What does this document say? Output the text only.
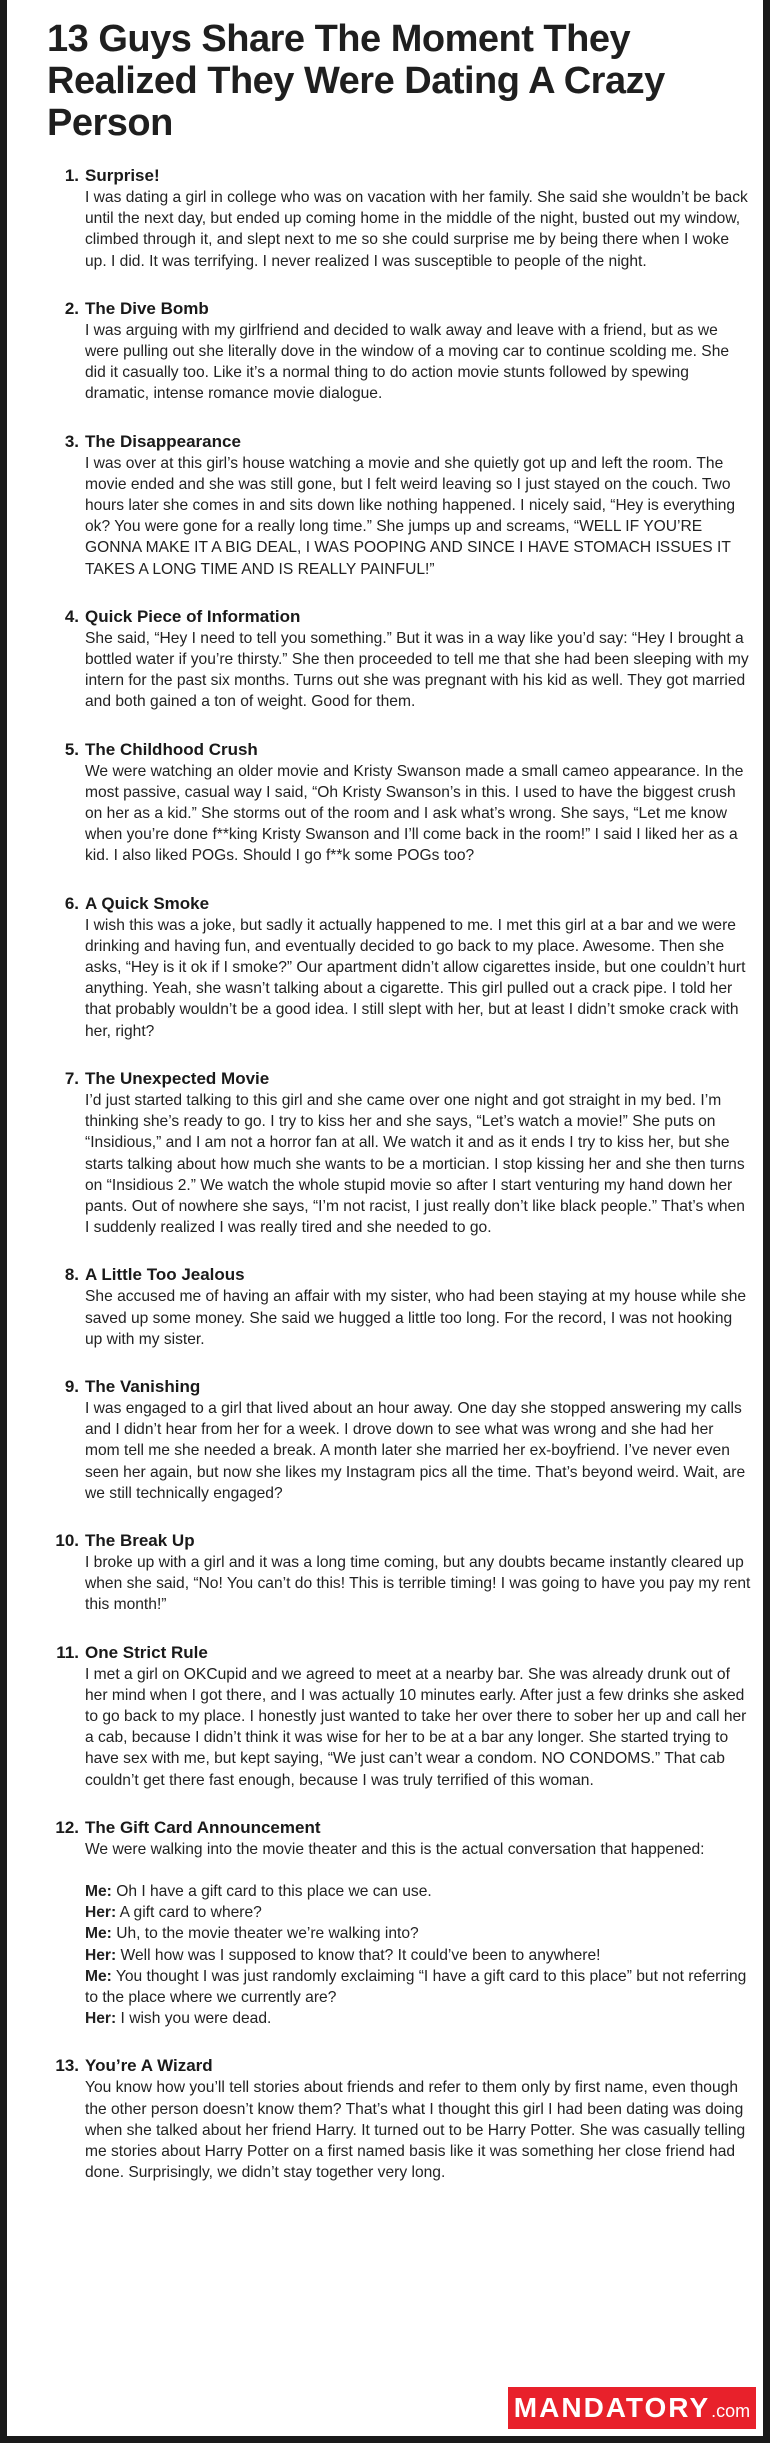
13 Guys Share The Moment They Realized They Were Dating A Crazy Person
1. Surprise!

I was dating a girl in college who was on vacation with her family. She said she wouldn’t be back until the next day, but ended up coming home in the middle of the night, busted out my window, climbed through it, and slept next to me so she could surprise me by being there when I woke up. I did. It was terrifying. I never realized I was susceptible to people of the night.

2. The Dive Bomb

I was arguing with my girlfriend and decided to walk away and leave with a friend, but as we were pulling out she literally dove in the window of a moving car to continue scolding me. She did it casually too. Like it’s a normal thing to do action movie stunts followed by spewing dramatic, intense romance movie dialogue.

3. The Disappearance

I was over at this girl’s house watching a movie and she quietly got up and left the room. The movie ended and she was still gone, but I felt weird leaving so I just stayed on the couch. Two hours later she comes in and sits down like nothing happened. I nicely said, “Hey is everything ok? You were gone for a really long time.” She jumps up and screams, “WELL IF YOU’RE GONNA MAKE IT A BIG DEAL, I WAS POOPING AND SINCE I HAVE STOMACH ISSUES IT TAKES A LONG TIME AND IS REALLY PAINFUL!”

4. Quick Piece of Information

She said, “Hey I need to tell you something.” But it was in a way like you’d say: “Hey I brought a bottled water if you’re thirsty.” She then proceeded to tell me that she had been sleeping with my intern for the past six months. Turns out she was pregnant with his kid as well. They got married and both gained a ton of weight. Good for them.

5. The Childhood Crush

We were watching an older movie and Kristy Swanson made a small cameo appearance. In the most passive, casual way I said, “Oh Kristy Swanson’s in this. I used to have the biggest crush on her as a kid.” She storms out of the room and I ask what’s wrong. She says, “Let me know when you’re done f**king Kristy Swanson and I’ll come back in the room!” I said I liked her as a kid. I also liked POGs. Should I go f**k some POGs too?

6. A Quick Smoke

I wish this was a joke, but sadly it actually happened to me. I met this girl at a bar and we were drinking and having fun, and eventually decided to go back to my place. Awesome. Then she asks, “Hey is it ok if I smoke?” Our apartment didn’t allow cigarettes inside, but one couldn’t hurt anything. Yeah, she wasn’t talking about a cigarette. This girl pulled out a crack pipe. I told her that probably wouldn’t be a good idea. I still slept with her, but at least I didn’t smoke crack with her, right?

7. The Unexpected Movie

I’d just started talking to this girl and she came over one night and got straight in my bed. I’m thinking she’s ready to go. I try to kiss her and she says, “Let’s watch a movie!” She puts on “Insidious,” and I am not a horror fan at all. We watch it and as it ends I try to kiss her, but she starts talking about how much she wants to be a mortician. I stop kissing her and she then turns on “Insidious 2.” We watch the whole stupid movie so after I start venturing my hand down her pants. Out of nowhere she says, “I’m not racist, I just really don’t like black people.” That’s when I suddenly realized I was really tired and she needed to go.

8. A Little Too Jealous

She accused me of having an affair with my sister, who had been staying at my house while she saved up some money. She said we hugged a little too long. For the record, I was not hooking up with my sister.

9. The Vanishing

I was engaged to a girl that lived about an hour away. One day she stopped answering my calls and I didn’t hear from her for a week. I drove down to see what was wrong and she had her mom tell me she needed a break. A month later she married her ex-boyfriend. I’ve never even seen her again, but now she likes my Instagram pics all the time. That’s beyond weird. Wait, are we still technically engaged?

10. The Break Up

I broke up with a girl and it was a long time coming, but any doubts became instantly cleared up when she said, “No! You can’t do this! This is terrible timing! I was going to have you pay my rent this month!”

11. One Strict Rule

I met a girl on OKCupid and we agreed to meet at a nearby bar. She was already drunk out of her mind when I got there, and I was actually 10 minutes early. After just a few drinks she asked to go back to my place. I honestly just wanted to take her over there to sober her up and call her a cab, because I didn’t think it was wise for her to be at a bar any longer. She started trying to have sex with me, but kept saying, “We just can’t wear a condom. NO CONDOMS.” That cab couldn’t get there fast enough, because I was truly terrified of this woman.

12. The Gift Card Announcement

We were walking into the movie theater and this is the actual conversation that happened:

Me: Oh I have a gift card to this place we can use.

Her: A gift card to where?

Me: Uh, to the movie theater we’re walking into?

Her: Well how was I supposed to know that? It could’ve been to anywhere!

Me: You thought I was just randomly exclaiming “I have a gift card to this place” but not referring to the place where we currently are?

Her: I wish you were dead.

13. You’re A Wizard

You know how you’ll tell stories about friends and refer to them only by first name, even though the other person doesn’t know them? That’s what I thought this girl I had been dating was doing when she talked about her friend Harry. It turned out to be Harry Potter. She was casually telling me stories about Harry Potter on a first named basis like it was something her close friend had done. Surprisingly, we didn’t stay together very long.

MANDATORY .com
